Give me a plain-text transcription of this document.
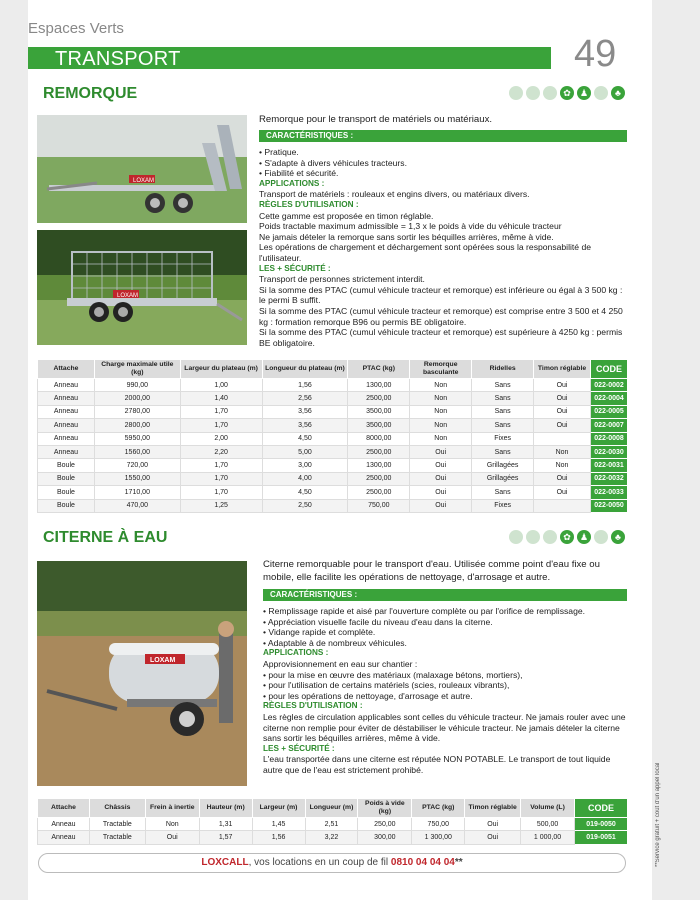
Espaces Verts
TRANSPORT	49
REMORQUE	✿	♟	♣
LOXAM
LOXAM
Remorque pour le transport de matériels ou matériaux.
CARACTÉRISTIQUES :
• Pratique.
• S'adapte à divers véhicules tracteurs.
• Fiabilité et sécurité.
APPLICATIONS :
Transport de matériels : rouleaux et engins divers, ou matériaux divers.
RÈGLES D'UTILISATION :
Cette gamme est proposée en timon réglable.
Poids tractable maximum admissible = 1,3 x le poids à vide du véhicule tracteur
Ne jamais dételer la remorque sans sortir les béquilles arrières, même à vide.
Les opérations de chargement et déchargement sont opérées sous la responsabilité de l'utilisateur.
LES + SÉCURITÉ :
Transport de personnes strictement interdit.
Si la somme des PTAC (cumul véhicule tracteur et remorque) est inférieure ou égal à 3 500 kg : le permi B suffit.
Si la somme des PTAC (cumul véhicule tracteur et remorque) est comprise entre 3 500 et 4 250 kg : formation remorque B96 ou permis BE obligatoire.
Si la somme des PTAC (cumul véhicule tracteur et remorque) est supérieure à 4250 kg : permis BE obligatoire.
Attache	Charge maximale utile (kg)	Largeur du plateau (m)	Longueur du plateau (m)	PTAC (kg)	Remorque basculante	Ridelles	Timon réglable	CODE
Anneau	990,00	1,00	1,56	1300,00	Non	Sans	Oui	022-0002
Anneau	2000,00	1,40	2,56	2500,00	Non	Sans	Oui	022-0004
Anneau	2780,00	1,70	3,56	3500,00	Non	Sans	Oui	022-0005
Anneau	2800,00	1,70	3,56	3500,00	Non	Sans	Oui	022-0007
Anneau	5950,00	2,00	4,50	8000,00	Non	Fixes		022-0008
Anneau	1560,00	2,20	5,00	2500,00	Oui	Sans	Non	022-0030
Boule	720,00	1,70	3,00	1300,00	Oui	Grillagées	Non	022-0031
Boule	1550,00	1,70	4,00	2500,00	Oui	Grillagées	Oui	022-0032
Boule	1710,00	1,70	4,50	2500,00	Oui	Sans	Oui	022-0033
Boule	470,00	1,25	2,50	750,00	Oui	Fixes		022-0050
CITERNE À EAU	✿	♟	♣
LOXAM
Citerne remorquable pour le transport d'eau. Utilisée comme point d'eau fixe ou mobile, elle facilite les opérations de nettoyage, d'arrosage et autre.
CARACTÉRISTIQUES :
• Remplissage rapide et aisé par l'ouverture complète ou par l'orifice de remplissage.
• Appréciation visuelle facile du niveau d'eau dans la citerne.
• Vidange rapide et complète.
• Adaptable à de nombreux véhicules.
APPLICATIONS :
Approvisionnement en eau sur chantier :
• pour la mise en œuvre des matériaux (malaxage bétons, mortiers),
• pour l'utilisation de certains matériels (scies, rouleaux vibrants),
• pour les opérations de nettoyage, d'arrosage et autre.
RÈGLES D'UTILISATION :
Les règles de circulation applicables sont celles du véhicule tracteur. Ne jamais rouler avec une citerne non remplie pour éviter de déstabiliser le véhicule tracteur. Ne jamais dételer la citerne sans sortir les béquilles arrières, même à vide.
LES + SÉCURITÉ :
L'eau transportée dans une citerne est réputée NON POTABLE. Le transport de tout liquide autre que de l'eau est strictement prohibé.
Attache	Châssis	Frein à inertie	Hauteur (m)	Largeur (m)	Longueur (m)	Poids à vide (kg)	PTAC (kg)	Timon réglable	Volume (L)	CODE
Anneau	Tractable	Non	1,31	1,45	2,51	250,00	750,00	Oui	500,00	019-0050
Anneau	Tractable	Oui	1,57	1,56	3,22	300,00	1 300,00	Oui	1 000,00	019-0051
LOXCALL, vos locations en un coup de fil 0810 04 04 04**	**Service gratuit + coût d'un appel local
